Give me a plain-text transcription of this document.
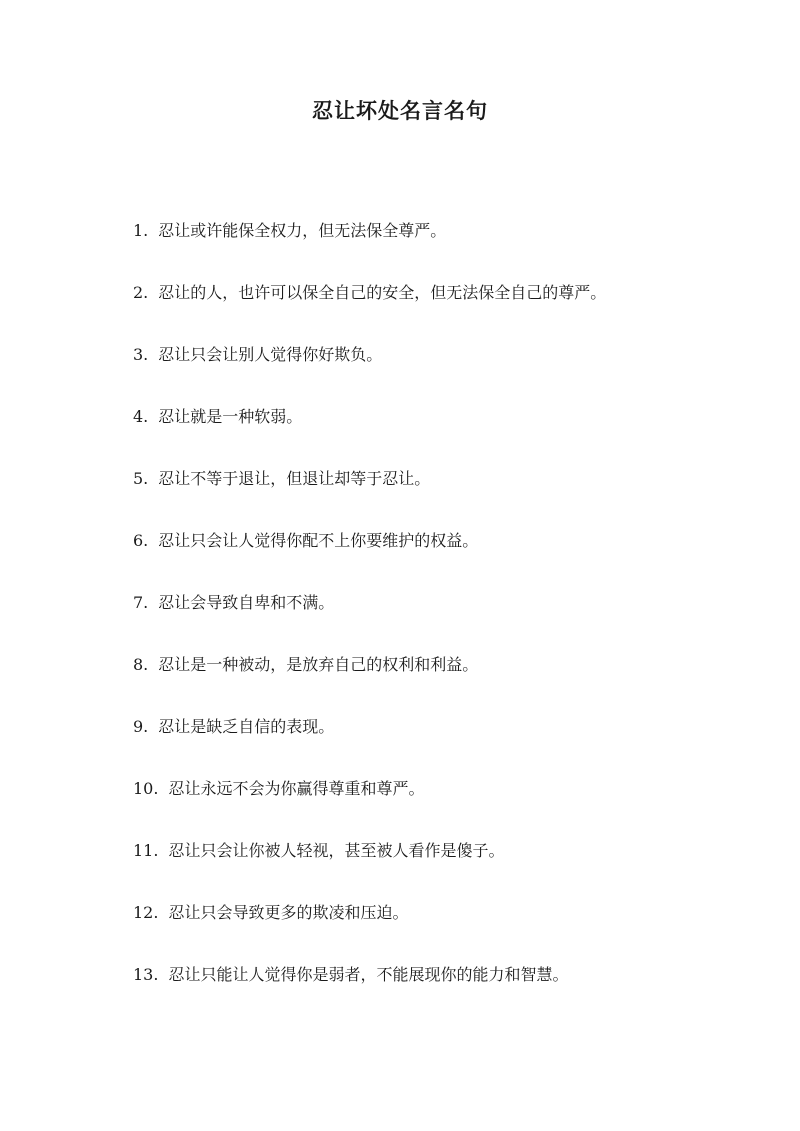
忍让坏处名言名句
1. 忍让或许能保全权力，但无法保全尊严。
2. 忍让的人，也许可以保全自己的安全，但无法保全自己的尊严。
3. 忍让只会让别人觉得你好欺负。
4. 忍让就是一种软弱。
5. 忍让不等于退让，但退让却等于忍让。
6. 忍让只会让人觉得你配不上你要维护的权益。
7. 忍让会导致自卑和不满。
8. 忍让是一种被动，是放弃自己的权利和利益。
9. 忍让是缺乏自信的表现。
10. 忍让永远不会为你赢得尊重和尊严。
11. 忍让只会让你被人轻视，甚至被人看作是傻子。
12. 忍让只会导致更多的欺凌和压迫。
13. 忍让只能让人觉得你是弱者，不能展现你的能力和智慧。
